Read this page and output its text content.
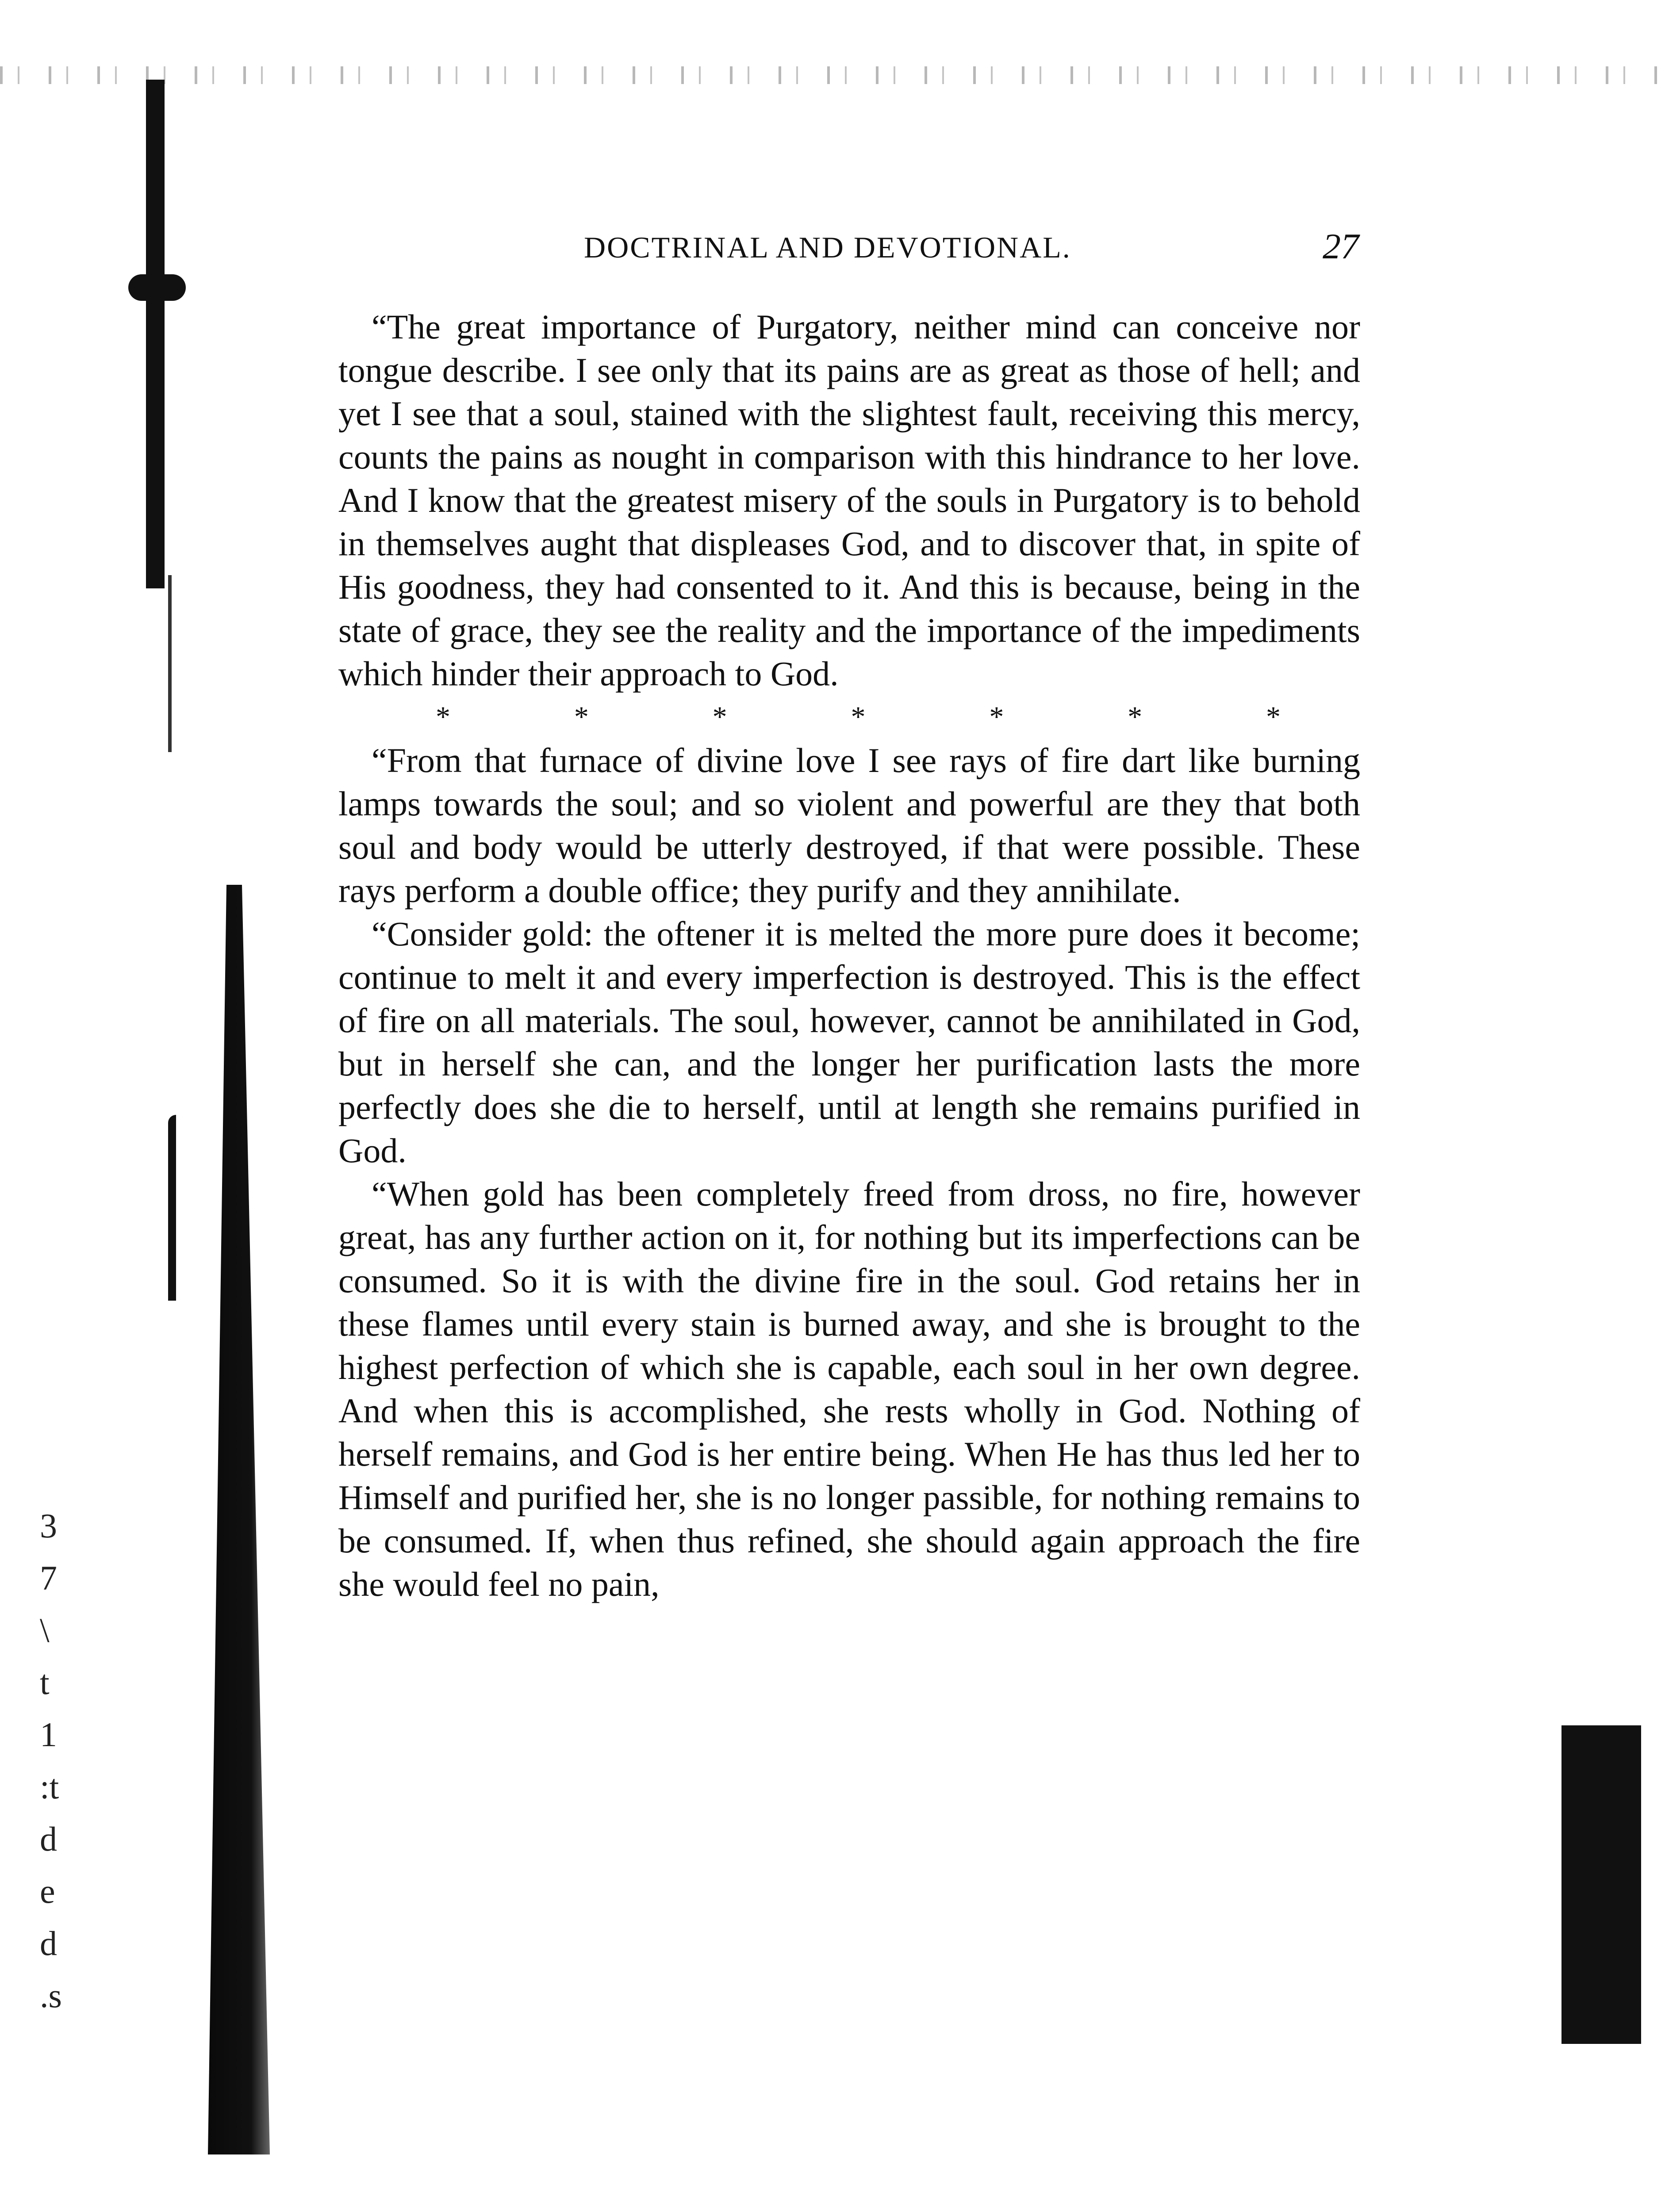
3
7
\
t
1
:t
d
e
d
.s
DOCTRINAL AND DEVOTIONAL.	27

“The great importance of Purgatory, neither mind can conceive nor tongue describe. I see only that its pains are as great as those of hell; and yet I see that a soul, stained with the slightest fault, receiving this mercy, counts the pains as nought in comparison with this hindrance to her love. And I know that the greatest misery of the souls in Purgatory is to behold in themselves aught that displeases God, and to discover that, in spite of His goodness, they had consented to it. And this is because, being in the state of grace, they see the reality and the importance of the impediments which hinder their approach to God.

*	*	*	*	*	*	*

“From that furnace of divine love I see rays of fire dart like burning lamps towards the soul; and so violent and powerful are they that both soul and body would be utterly destroyed, if that were possible. These rays perform a double office; they purify and they annihilate.

“Consider gold: the oftener it is melted the more pure does it become; continue to melt it and every imperfection is destroyed. This is the effect of fire on all materials. The soul, however, cannot be annihilated in God, but in herself she can, and the longer her purification lasts the more perfectly does she die to herself, until at length she remains purified in God.

“When gold has been completely freed from dross, no fire, however great, has any further action on it, for nothing but its imperfections can be consumed. So it is with the divine fire in the soul. God retains her in these flames until every stain is burned away, and she is brought to the highest perfection of which she is capable, each soul in her own degree. And when this is accomplished, she rests wholly in God. Nothing of herself remains, and God is her entire being. When He has thus led her to Himself and purified her, she is no longer passible, for nothing remains to be consumed. If, when thus refined, she should again approach the fire she would feel no pain,
